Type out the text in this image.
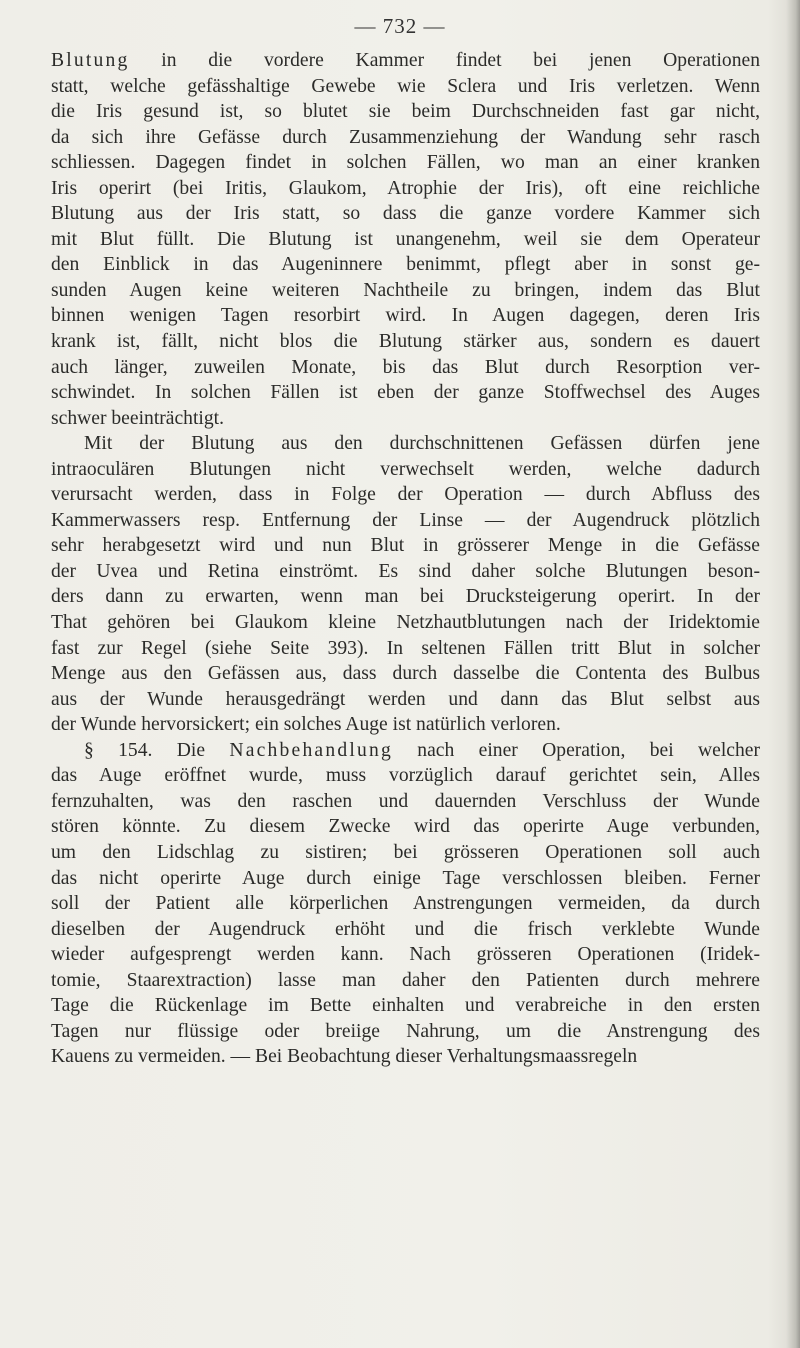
— 732 —
Blutung in die vordere Kammer findet bei jenen Operationen
statt, welche gefässhaltige Gewebe wie Sclera und Iris verletzen. Wenn
die Iris gesund ist, so blutet sie beim Durchschneiden fast gar nicht,
da sich ihre Gefässe durch Zusammenziehung der Wandung sehr rasch
schliessen. Dagegen findet in solchen Fällen, wo man an einer kranken
Iris operirt (bei Iritis, Glaukom, Atrophie der Iris), oft eine reichliche
Blutung aus der Iris statt, so dass die ganze vordere Kammer sich
mit Blut füllt. Die Blutung ist unangenehm, weil sie dem Operateur
den Einblick in das Augeninnere benimmt, pflegt aber in sonst ge-
sunden Augen keine weiteren Nachtheile zu bringen, indem das Blut
binnen wenigen Tagen resorbirt wird. In Augen dagegen, deren Iris
krank ist, fällt, nicht blos die Blutung stärker aus, sondern es dauert
auch länger, zuweilen Monate, bis das Blut durch Resorption ver-
schwindet. In solchen Fällen ist eben der ganze Stoffwechsel des Auges
schwer beeinträchtigt.
Mit der Blutung aus den durchschnittenen Gefässen dürfen jene
intraoculären Blutungen nicht verwechselt werden, welche dadurch
verursacht werden, dass in Folge der Operation — durch Abfluss des
Kammerwassers resp. Entfernung der Linse — der Augendruck plötzlich
sehr herabgesetzt wird und nun Blut in grösserer Menge in die Gefässe
der Uvea und Retina einströmt. Es sind daher solche Blutungen beson-
ders dann zu erwarten, wenn man bei Drucksteigerung operirt. In der
That gehören bei Glaukom kleine Netzhautblutungen nach der Iridektomie
fast zur Regel (siehe Seite 393). In seltenen Fällen tritt Blut in solcher
Menge aus den Gefässen aus, dass durch dasselbe die Contenta des Bulbus
aus der Wunde herausgedrängt werden und dann das Blut selbst aus
der Wunde hervorsickert; ein solches Auge ist natürlich verloren.
§ 154. Die Nachbehandlung nach einer Operation, bei welcher
das Auge eröffnet wurde, muss vorzüglich darauf gerichtet sein, Alles
fernzuhalten, was den raschen und dauernden Verschluss der Wunde
stören könnte. Zu diesem Zwecke wird das operirte Auge verbunden,
um den Lidschlag zu sistiren; bei grösseren Operationen soll auch
das nicht operirte Auge durch einige Tage verschlossen bleiben. Ferner
soll der Patient alle körperlichen Anstrengungen vermeiden, da durch
dieselben der Augendruck erhöht und die frisch verklebte Wunde
wieder aufgesprengt werden kann. Nach grösseren Operationen (Iridek-
tomie, Staarextraction) lasse man daher den Patienten durch mehrere
Tage die Rückenlage im Bette einhalten und verabreiche in den ersten
Tagen nur flüssige oder breiige Nahrung, um die Anstrengung des
Kauens zu vermeiden. — Bei Beobachtung dieser Verhaltungsmaassregeln
